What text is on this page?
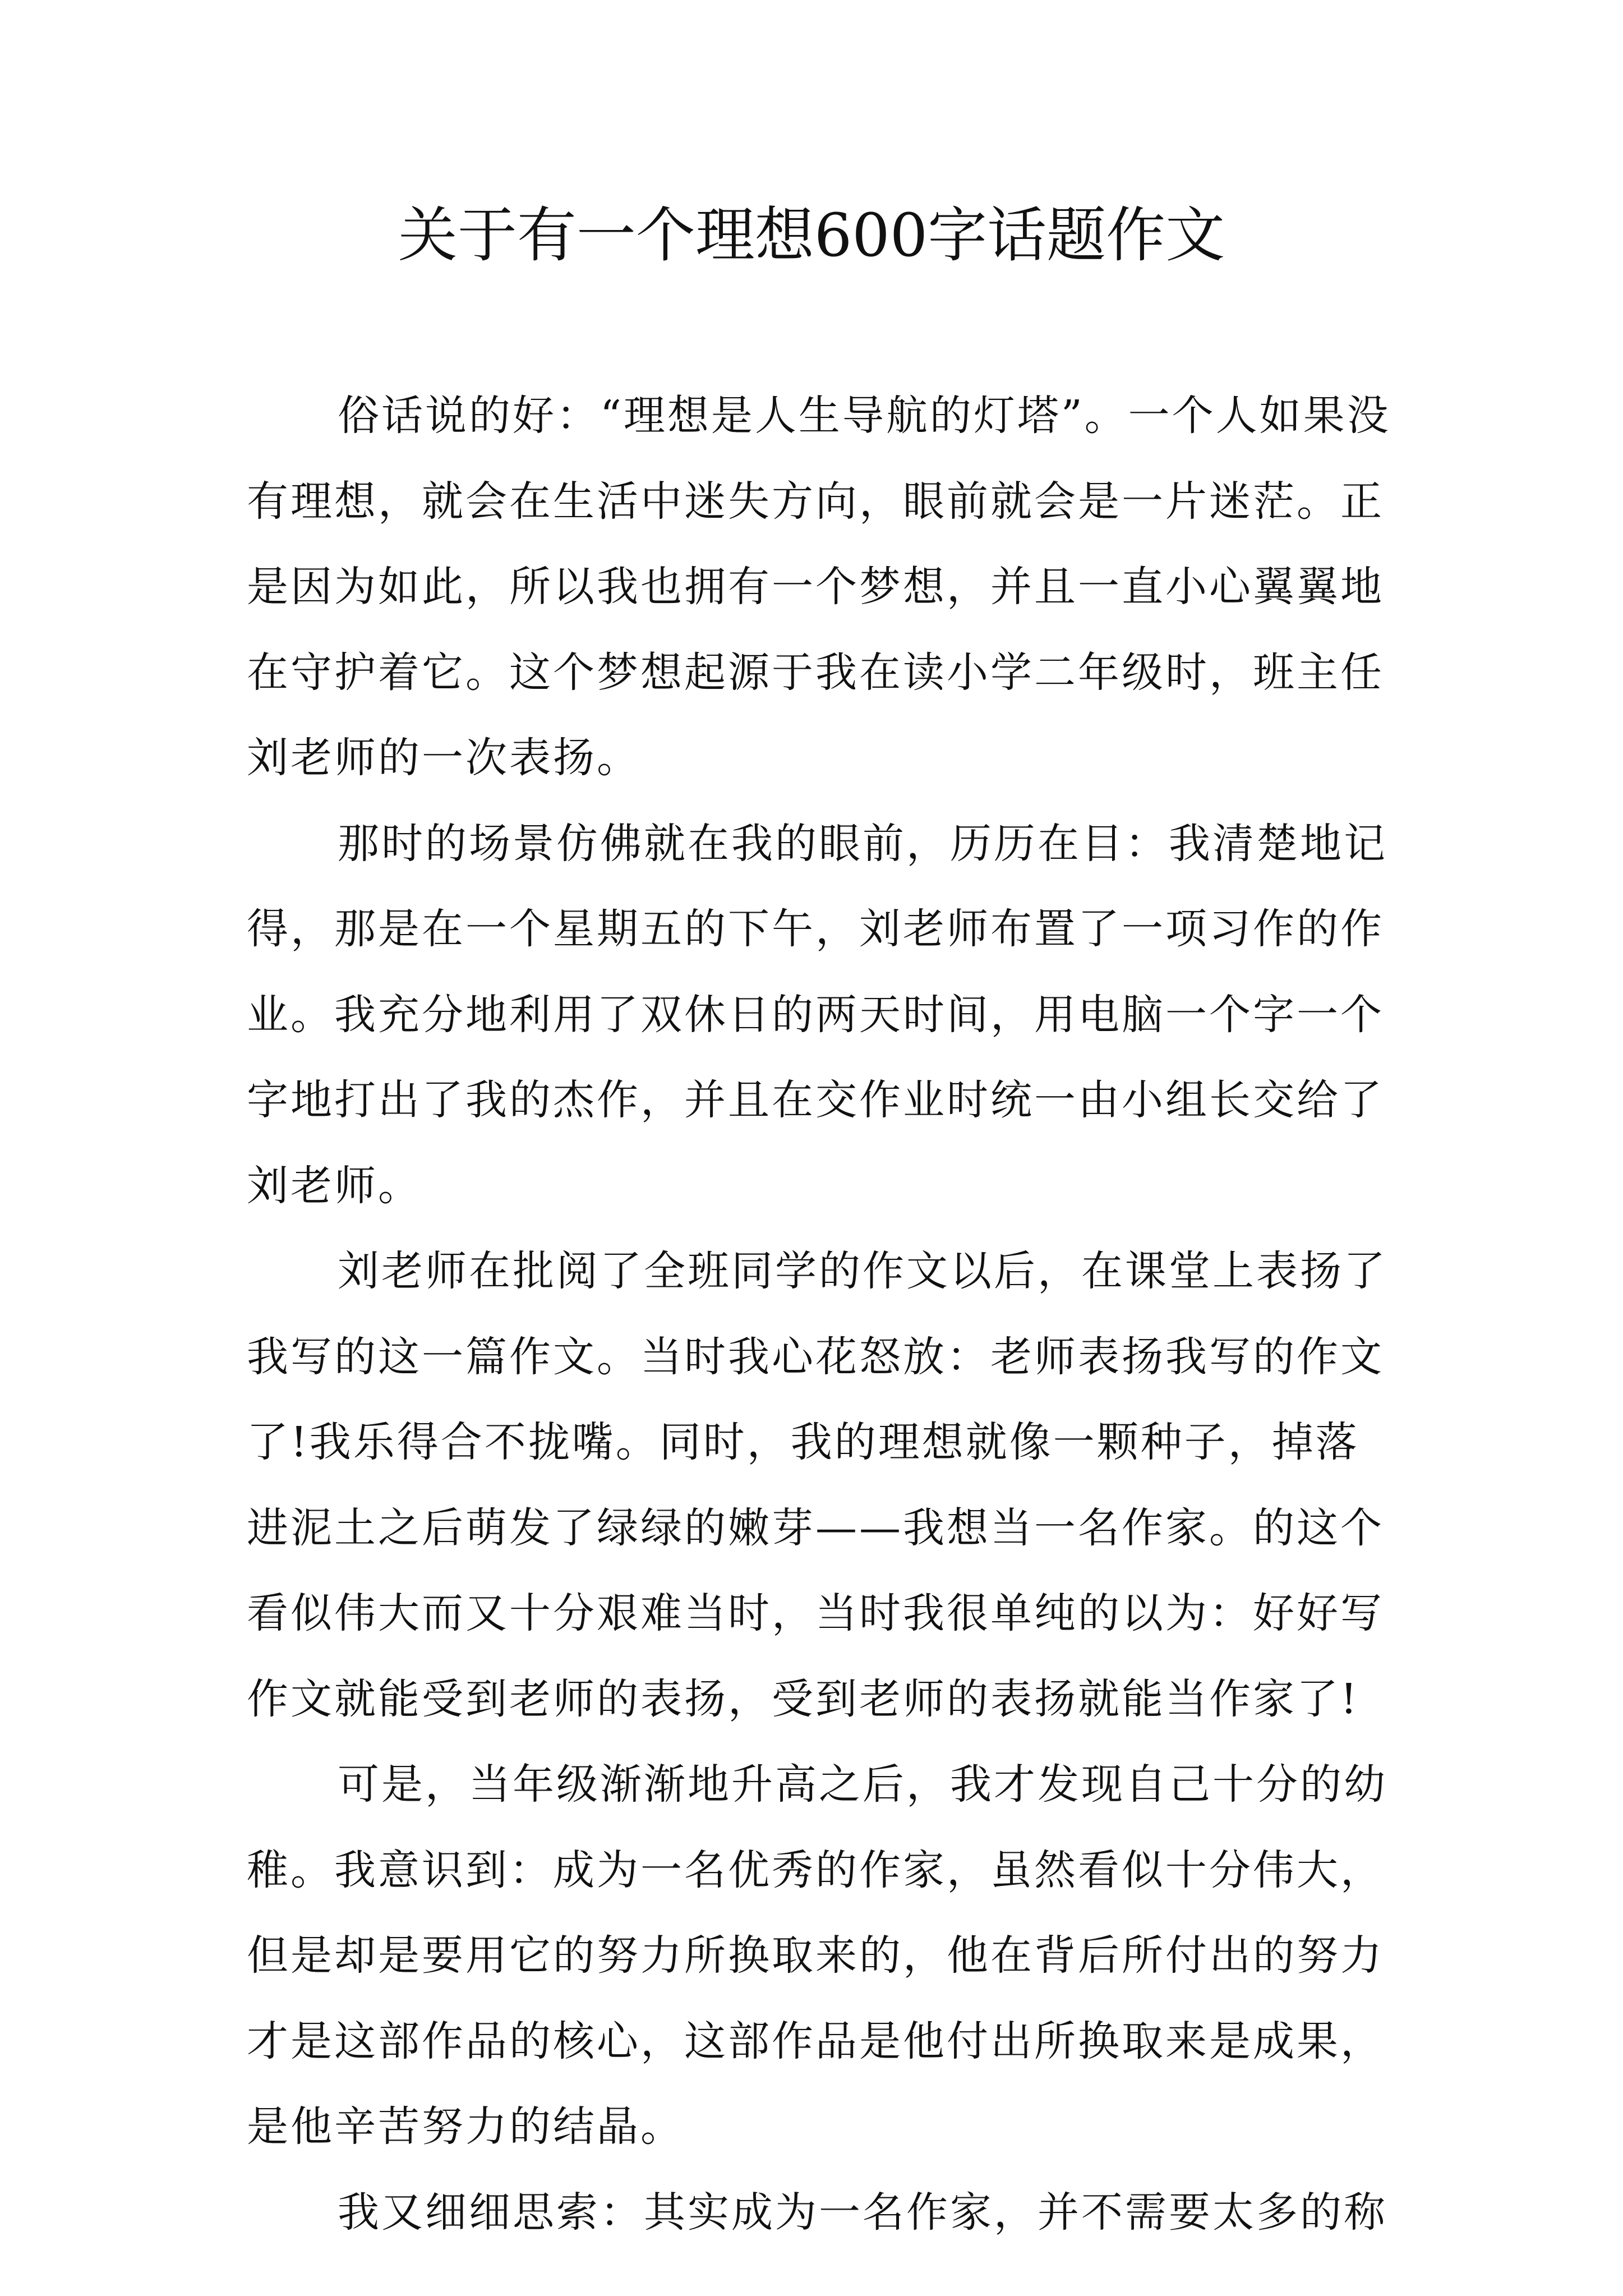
关于有一个理想600字话题作文

俗话说的好：“理想是人生导航的灯塔”。一个人如果没
有理想，就会在生活中迷失方向，眼前就会是一片迷茫。正
是因为如此，所以我也拥有一个梦想，并且一直小心翼翼地
在守护着它。这个梦想起源于我在读小学二年级时，班主任
刘老师的一次表扬。

那时的场景仿佛就在我的眼前，历历在目：我清楚地记
得，那是在一个星期五的下午，刘老师布置了一项习作的作
业。我充分地利用了双休日的两天时间，用电脑一个字一个
字地打出了我的杰作，并且在交作业时统一由小组长交给了
刘老师。

刘老师在批阅了全班同学的作文以后，在课堂上表扬了
我写的这一篇作文。当时我心花怒放：老师表扬我写的作文
了!我乐得合不拢嘴。同时，我的理想就像一颗种子，掉落
进泥土之后萌发了绿绿的嫩芽——我想当一名作家。的这个
看似伟大而又十分艰难当时，当时我很单纯的以为：好好写
作文就能受到老师的表扬，受到老师的表扬就能当作家了!

可是，当年级渐渐地升高之后，我才发现自己十分的幼
稚。我意识到：成为一名优秀的作家，虽然看似十分伟大，
但是却是要用它的努力所换取来的，他在背后所付出的努力
才是这部作品的核心，这部作品是他付出所换取来是成果，
是他辛苦努力的结晶。

我又细细思索：其实成为一名作家，并不需要太多的称
